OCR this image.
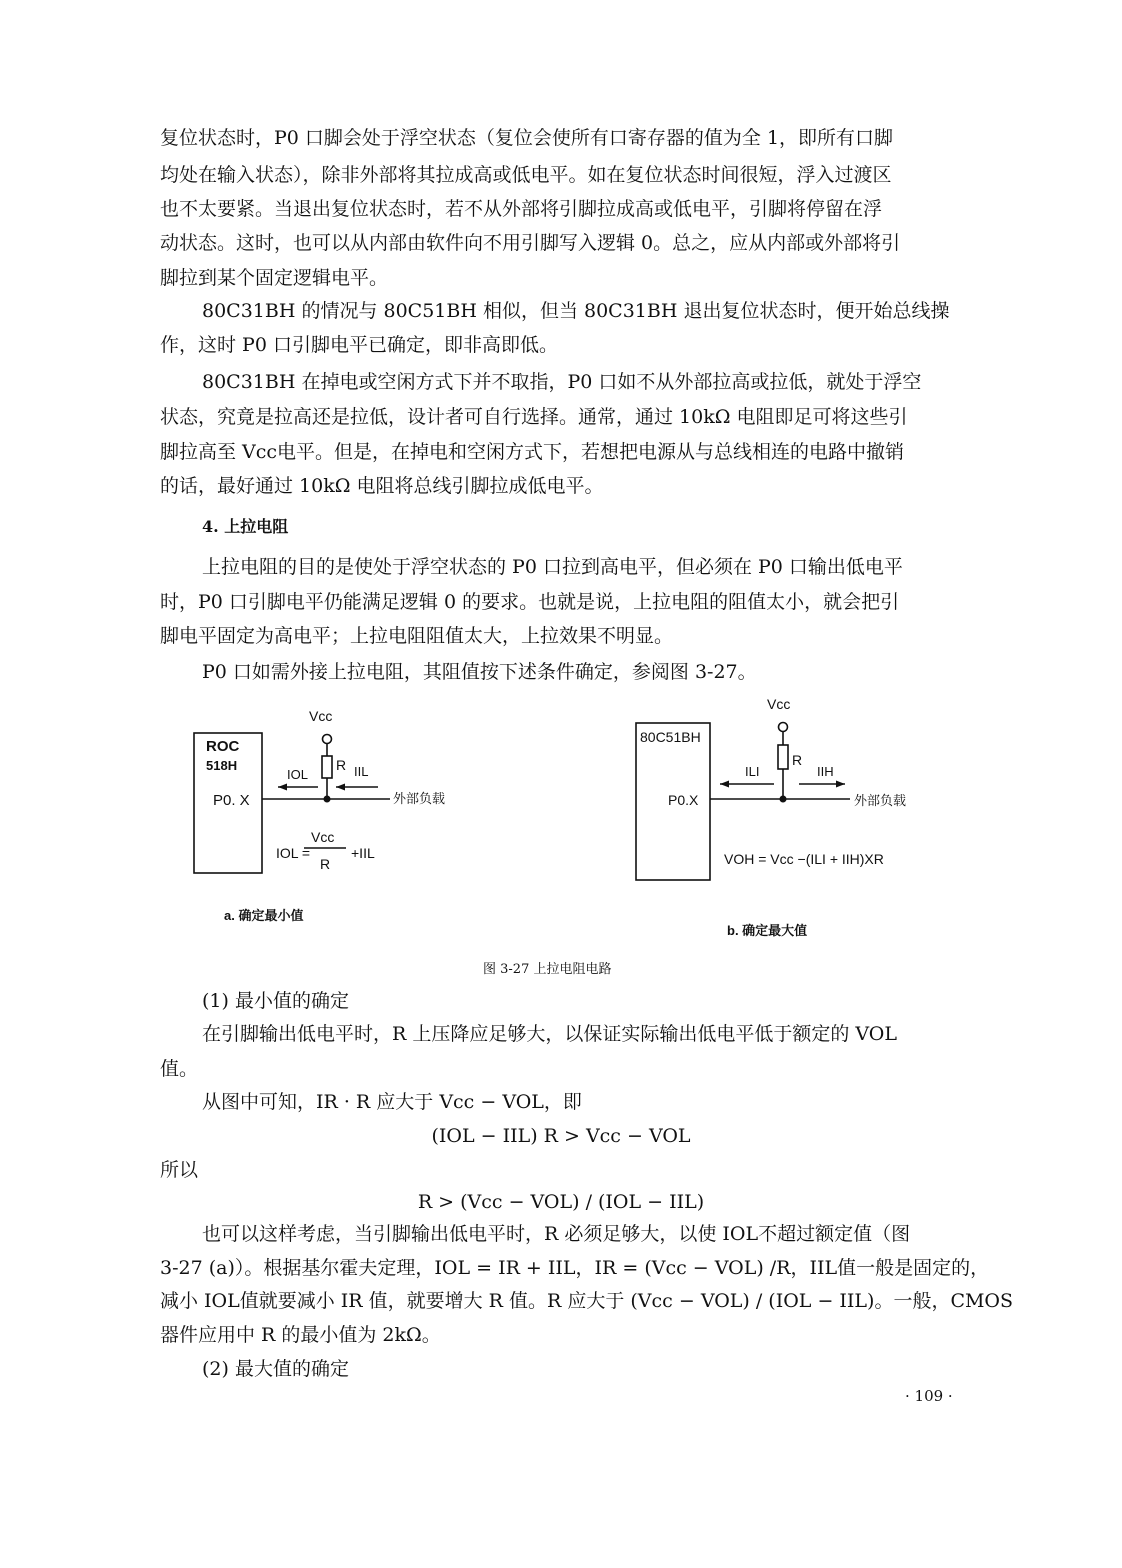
复位状态时，P0 口脚会处于浮空状态（复位会使所有口寄存器的值为全 1，即所有口脚
均处在输入状态），除非外部将其拉成高或低电平。如在复位状态时间很短，浮入过渡区
也不太要紧。当退出复位状态时，若不从外部将引脚拉成高或低电平，引脚将停留在浮
动状态。这时，也可以从内部由软件向不用引脚写入逻辑 0。总之，应从内部或外部将引
脚拉到某个固定逻辑电平。
80C31BH 的情况与 80C51BH 相似，但当 80C31BH 退出复位状态时，便开始总线操
作，这时 P0 口引脚电平已确定，即非高即低。
80C31BH 在掉电或空闲方式下并不取指，P0 口如不从外部拉高或拉低，就处于浮空
状态，究竟是拉高还是拉低，设计者可自行选择。通常，通过 10kΩ 电阻即足可将这些引
脚拉高至 Vcc电平。但是，在掉电和空闲方式下，若想把电源从与总线相连的电路中撤销
的话，最好通过 10kΩ 电阻将总线引脚拉成低电平。
4. 上拉电阻
上拉电阻的目的是使处于浮空状态的 P0 口拉到高电平，但必须在 P0 口输出低电平
时，P0 口引脚电平仍能满足逻辑 0 的要求。也就是说，上拉电阻的阻值太小，就会把引
脚电平固定为高电平；上拉电阻阻值太大，上拉效果不明显。
P0 口如需外接上拉电阻，其阻值按下述条件确定，参阅图 3-27。
ROC
518H
P0. X
Vcc
R
IOL	IIL
外部负载
IOL =
Vcc
R
+IIL
a. 确定最小值
80C51BH
P0.X
Vcc
R
ILI	IIH
外部负载
VOH = Vcc −(ILI + IIH)XR
b. 确定最大值
图 3-27 上拉电阻电路
(1) 最小值的确定
在引脚输出低电平时，R 上压降应足够大，以保证实际输出低电平低于额定的 VOL
值。
从图中可知，IR · R 应大于 Vcc − VOL，即
(IOL − IIL) R > Vcc − VOL
所以
R > (Vcc − VOL) / (IOL − IIL)
也可以这样考虑，当引脚输出低电平时，R 必须足够大，以使 IOL不超过额定值（图
3-27 (a)）。根据基尔霍夫定理，IOL = IR + IIL，IR = (Vcc − VOL) /R，IIL值一般是固定的，
减小 IOL值就要减小 IR 值，就要增大 R 值。R 应大于 (Vcc − VOL) / (IOL − IIL)。一般，CMOS
器件应用中 R 的最小值为 2kΩ。
(2) 最大值的确定
· 109 ·
